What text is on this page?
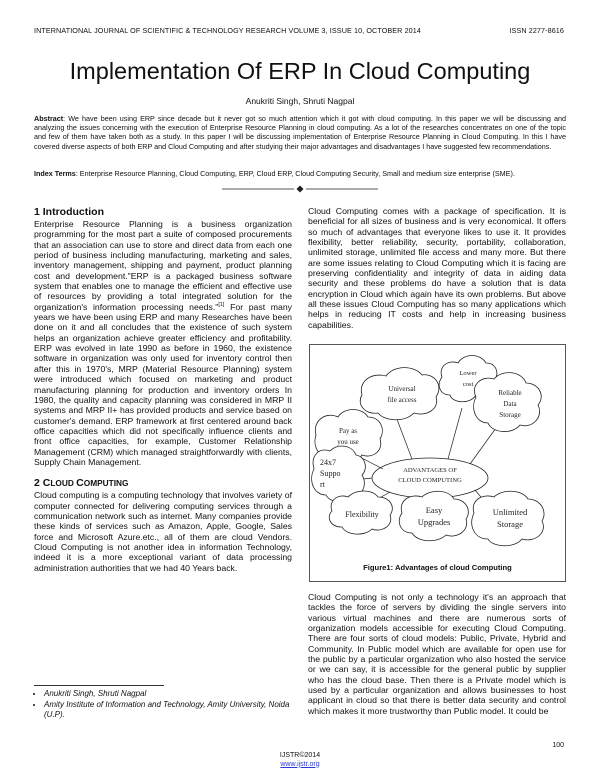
INTERNATIONAL JOURNAL OF SCIENTIFIC & TECHNOLOGY RESEARCH VOLUME 3, ISSUE 10, OCTOBER 2014	ISSN 2277-8616
Implementation Of ERP In Cloud Computing
Anukriti Singh, Shruti Nagpal
Abstract: We have been using ERP since decade but it never got so much attention which it got with cloud computing. In this paper we will be discussing and analyzing the issues concerning with the execution of Enterprise Resource Planning in cloud computing. As a lot of the researches concentrates on one of the topic and few of them have taken both as a study. In this paper I will be discussing implementation of Enterprise Resource Planning in Cloud Computing. In this I have covered diverse aspects of both ERP and Cloud Computing and after studying their major advantages and disadvantages I have suggested few recommendations.
Index Terms: Enterprise Resource Planning, Cloud Computing, ERP, Cloud ERP, Cloud Computing Security, Small and medium size enterprise (SME).
1 Introduction

Enterprise Resource Planning is a business organization programming for the most part a suite of composed procurements that an association can use to store and direct data from each one period of business including manufacturing, marketing and sales, inventory management, shipping and payment, product planning cost and development."ERP is a packaged business software system that enables one to manage the efficient and effective use of resources by providing a total integrated solution for the organization's information processing needs."[1] For past many years we have been using ERP and many Researches have been done on it and all concludes that the existence of such system helps an organization achieve greater efficiency and profitability. ERP was evolved in late 1990 as before in 1960, the existence software in organization was only used for inventory control then after this in 1970's, MRP (Material Resource Planning) system were introduced which focused on marketing and product manufacturing planning for production and inventory orders In 1980, the quality and capacity planning was considered in MRP II systems and MRP II+ has provided products and service based on customer's demand. ERP framework at first centered around back office capacities which did not specifically influence clients and front office capacities, for example, Customer Relationship Management (CRM) which managed straightforwardly with clients, Supply Chain Management.

2 CLOUD COMPUTING

Cloud computing is a computing technology that involves variety of computer connected for delivering computing services through a communication network such as internet. Many companies provide these kinds of services such as Amazon, Apple, Google, Sales force and Microsoft Azure.etc., all of them are cloud Vendors. Cloud Computing is not another idea in information Technology, indeed it is a more exceptional variant of data processing administration authorities that we had 40 Years back.

Cloud Computing comes with a package of specification. It is beneficial for all sizes of business and is very economical. It offers so much of advantages that everyone likes to use it. It provides flexibility, better reliability, security, portability, collaboration, unlimited storage, unlimited file access and many more. But there are some issues relating to Cloud Computing which it is facing are preserving confidentiality and integrity of data in aiding data security and these problems do have a solution that is data encryption in Cloud which again have its own problems. But above all these issues Cloud Computing has so many applications which helps in reducing IT costs and help in increasing business capabilities.

ADVANTAGES OF
CLOUD COMPUTING
Universal
file access
Lower
cost
Reliable
Data
Storage
Pay as
you use
24x7
Suppo
rt
Flexibility	Easy
Upgrades
Unlimited
Storage
Figure1: Advantages of cloud Computing

Cloud Computing is not only a technology it's an approach that tackles the force of servers by dividing the single servers into various virtual machines and there are numerous sorts of organization models accessible for executing Cloud Computing. There are four sorts of cloud models: Public, Private, Hybrid and Community. In Public model which are available for open use for the public by a particular organization who also hosted the service or we can say, it is accessible for the general public by supplier who has the cloud base. Then there is a Private model which is used by a particular organization and allows businesses to host applicant in cloud so that there is better data security and control which makes it more trustworthy than Public model. It could be

• Anukriti Singh, Shruti Nagpal
• Amity Institute of Information and Technology, Amity University, Noida (U.P).
100
IJSTR©2014
www.ijstr.org
